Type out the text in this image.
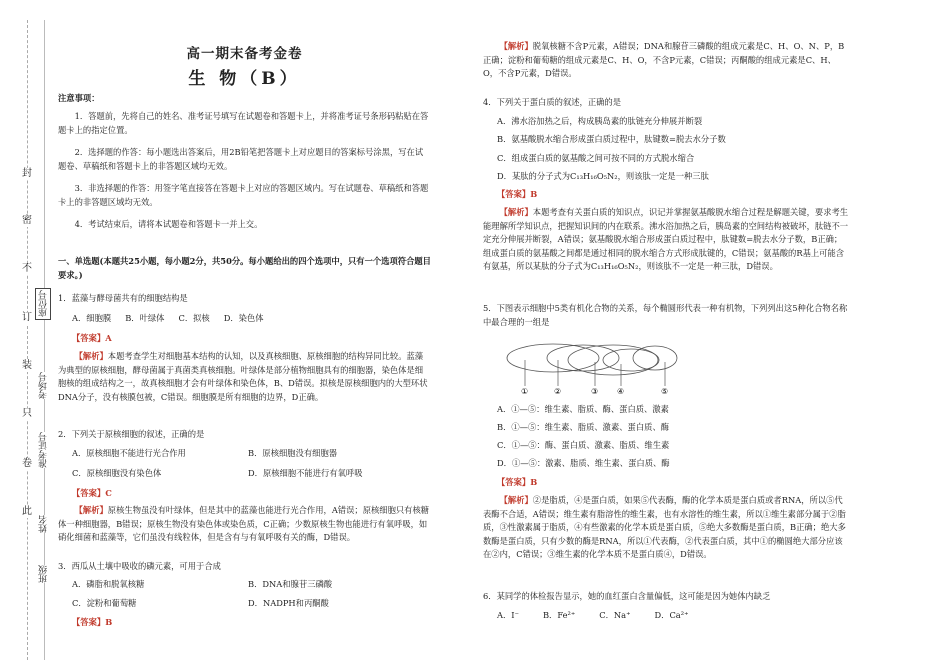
封
密
不
订
装
只
卷
此
座位号
考场号
准考证号
姓名
班级
高一期末备考金卷
生 物（B）

注意事项：

1．答题前，先将自己的姓名、准考证号填写在试题卷和答题卡上，并将准考证号条形码粘贴在答题卡上的指定位置。

2．选择题的作答：每小题选出答案后，用2B铅笔把答题卡上对应题目的答案标号涂黑，写在试题卷、草稿纸和答题卡上的非答题区域均无效。

3．非选择题的作答：用签字笔直接答在答题卡上对应的答题区域内。写在试题卷、草稿纸和答题卡上的非答题区域均无效。

4．考试结束后，请将本试题卷和答题卡一并上交。

一、单选题(本题共25小题，每小题2分，共50分。每小题给出的四个选项中，只有一个选项符合题目要求。)

1．蓝藻与酵母菌共有的细胞结构是

A．细胞膜 B．叶绿体 C．拟核 D．染色体

【答案】A

【解析】本题考查学生对细胞基本结构的认知，以及真核细胞、原核细胞的结构异同比较。蓝藻为典型的原核细胞，酵母菌属于真菌类真核细胞。叶绿体是部分植物细胞具有的细胞器，染色体是细胞核的组成结构之一，故真核细胞才会有叶绿体和染色体，B、D错误。拟核是原核细胞内的大型环状DNA分子，没有核膜包被，C错误。细胞膜是所有细胞的边界，D正确。

2．下列关于原核细胞的叙述，正确的是

A．原核细胞不能进行光合作用	B．原核细胞没有细胞器

C．原核细胞没有染色体	D．原核细胞不能进行有氧呼吸

【答案】C

【解析】原核生物虽没有叶绿体，但是其中的蓝藻也能进行光合作用，A错误；原核细胞只有核糖体一种细胞器，B错误；原核生物没有染色体或染色质，C正确；少数原核生物也能进行有氧呼吸，如硝化细菌和蓝藻等，它们虽没有线粒体，但是含有与有氧呼吸有关的酶，D错误。

3．西瓜从土壤中吸收的磷元素，可用于合成

A．磷脂和脱氧核糖	B．DNA和腺苷三磷酸

C．淀粉和葡萄糖	D．NADPH和丙酮酸

【答案】B

【解析】脱氧核糖不含P元素，A错误；DNA和腺苷三磷酸的组成元素是C、H、O、N、P，B正确；淀粉和葡萄糖的组成元素是C、H、O，不含P元素，C错误；丙酮酸的组成元素是C、H、O，不含P元素，D错误。

4．下列关于蛋白质的叙述，正确的是

A．沸水浴加热之后，构成胰岛素的肽链充分伸展并断裂

B．氨基酸脱水缩合形成蛋白质过程中，肽键数=脱去水分子数

C．组成蛋白质的氨基酸之间可按不同的方式脱水缩合

D．某肽的分子式为C₁₃H₁₆O₅N₂，则该肽一定是一种三肽

【答案】B

【解析】本题考查有关蛋白质的知识点，识记并掌握氨基酸脱水缩合过程是解题关键，要求考生能理解所学知识点，把握知识间的内在联系。沸水浴加热之后，胰岛素的空间结构被破坏，肽链不一定充分伸展并断裂，A错误；氨基酸脱水缩合形成蛋白质过程中，肽键数=脱去水分子数，B正确；组成蛋白质的氨基酸之间都是通过相同的脱水缩合方式形成肽键的，C错误；氨基酸的R基上可能含有氨基，所以某肽的分子式为C₁₃H₁₆O₅N₂，则该肽不一定是一种三肽，D错误。

5．下图表示细胞中5类有机化合物的关系，每个椭圆形代表一种有机物，下列列出这5种化合物名称中最合理的一组是

①	②	③ ④	⑤

A．①—⑤：维生素、脂质、酶、蛋白质、激素

B．①—⑤：维生素、脂质、激素、蛋白质、酶

C．①—⑤：酶、蛋白质、激素、脂质、维生素

D．①—⑤：激素、脂质、维生素、蛋白质、酶

【答案】B

【解析】②是脂质，④是蛋白质，如果⑤代表酶，酶的化学本质是蛋白质或者RNA，所以⑤代表酶不合适，A错误；维生素有脂溶性的维生素，也有水溶性的维生素，所以①维生素部分属于②脂质，③性激素属于脂质，④有些激素的化学本质是蛋白质，⑤绝大多数酶是蛋白质，B正确；绝大多数酶是蛋白质，只有少数的酶是RNA，所以①代表酶，②代表蛋白质，其中①的椭圆绝大部分应该在②内，C错误；③维生素的化学本质不是蛋白质④，D错误。

6．某同学的体检报告显示，她的血红蛋白含量偏低，这可能是因为她体内缺乏

A．I⁻	B．Fe²⁺	C．Na⁺	D．Ca²⁺
